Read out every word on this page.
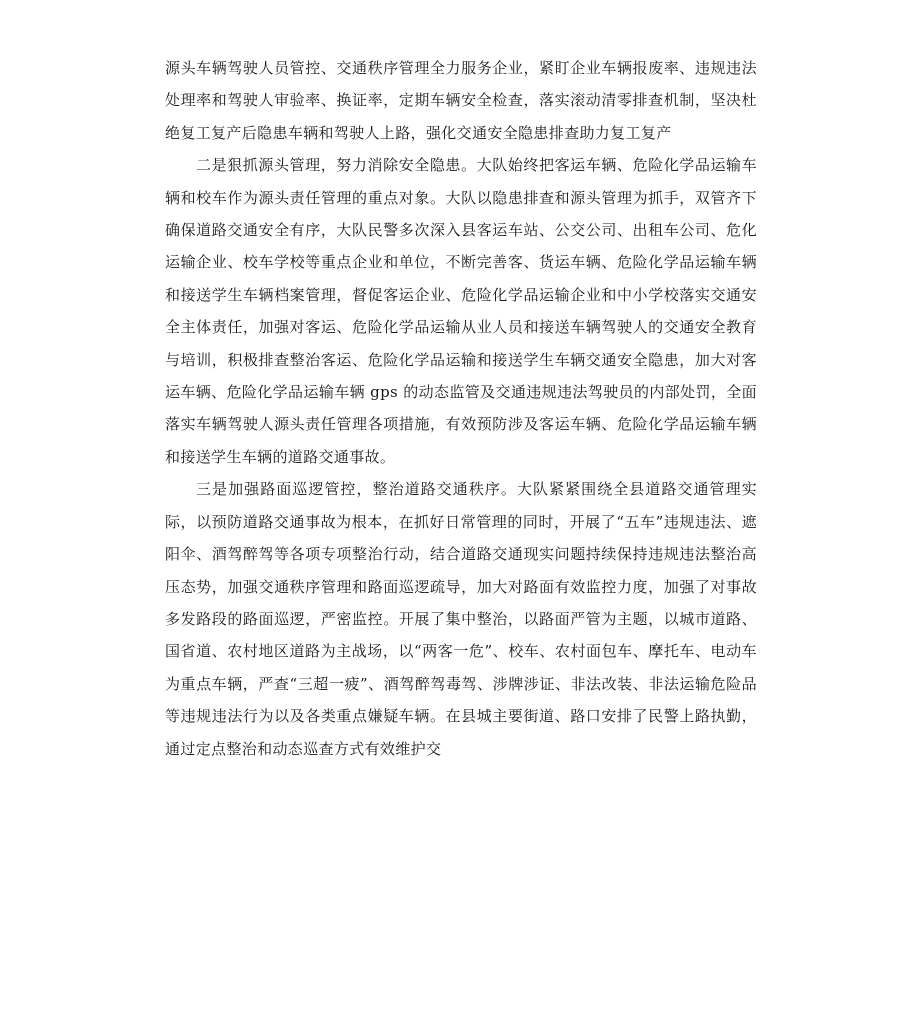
源头车辆驾驶人员管控、交通秩序管理全力服务企业，紧盯企业车辆报废率、违规违法处理率和驾驶人审验率、换证率，定期车辆安全检查，落实滚动清零排查机制，坚决杜绝复工复产后隐患车辆和驾驶人上路，强化交通安全隐患排查助力复工复产

二是狠抓源头管理，努力消除安全隐患。大队始终把客运车辆、危险化学品运输车辆和校车作为源头责任管理的重点对象。大队以隐患排查和源头管理为抓手，双管齐下确保道路交通安全有序，大队民警多次深入县客运车站、公交公司、出租车公司、危化运输企业、校车学校等重点企业和单位，不断完善客、货运车辆、危险化学品运输车辆和接送学生车辆档案管理，督促客运企业、危险化学品运输企业和中小学校落实交通安全主体责任，加强对客运、危险化学品运输从业人员和接送车辆驾驶人的交通安全教育与培训，积极排查整治客运、危险化学品运输和接送学生车辆交通安全隐患，加大对客运车辆、危险化学品运输车辆 gps 的动态监管及交通违规违法驾驶员的内部处罚，全面落实车辆驾驶人源头责任管理各项措施，有效预防涉及客运车辆、危险化学品运输车辆和接送学生车辆的道路交通事故。

三是加强路面巡逻管控，整治道路交通秩序。大队紧紧围绕全县道路交通管理实际，以预防道路交通事故为根本，在抓好日常管理的同时，开展了“五车”违规违法、遮阳伞、酒驾醉驾等各项专项整治行动，结合道路交通现实问题持续保持违规违法整治高压态势，加强交通秩序管理和路面巡逻疏导，加大对路面有效监控力度，加强了对事故多发路段的路面巡逻，严密监控。开展了集中整治，以路面严管为主题，以城市道路、国省道、农村地区道路为主战场，以“两客一危”、校车、农村面包车、摩托车、电动车为重点车辆，严查“三超一疲”、酒驾醉驾毒驾、涉牌涉证、非法改装、非法运输危险品等违规违法行为以及各类重点嫌疑车辆。在县城主要街道、路口安排了民警上路执勤，通过定点整治和动态巡查方式有效维护交
